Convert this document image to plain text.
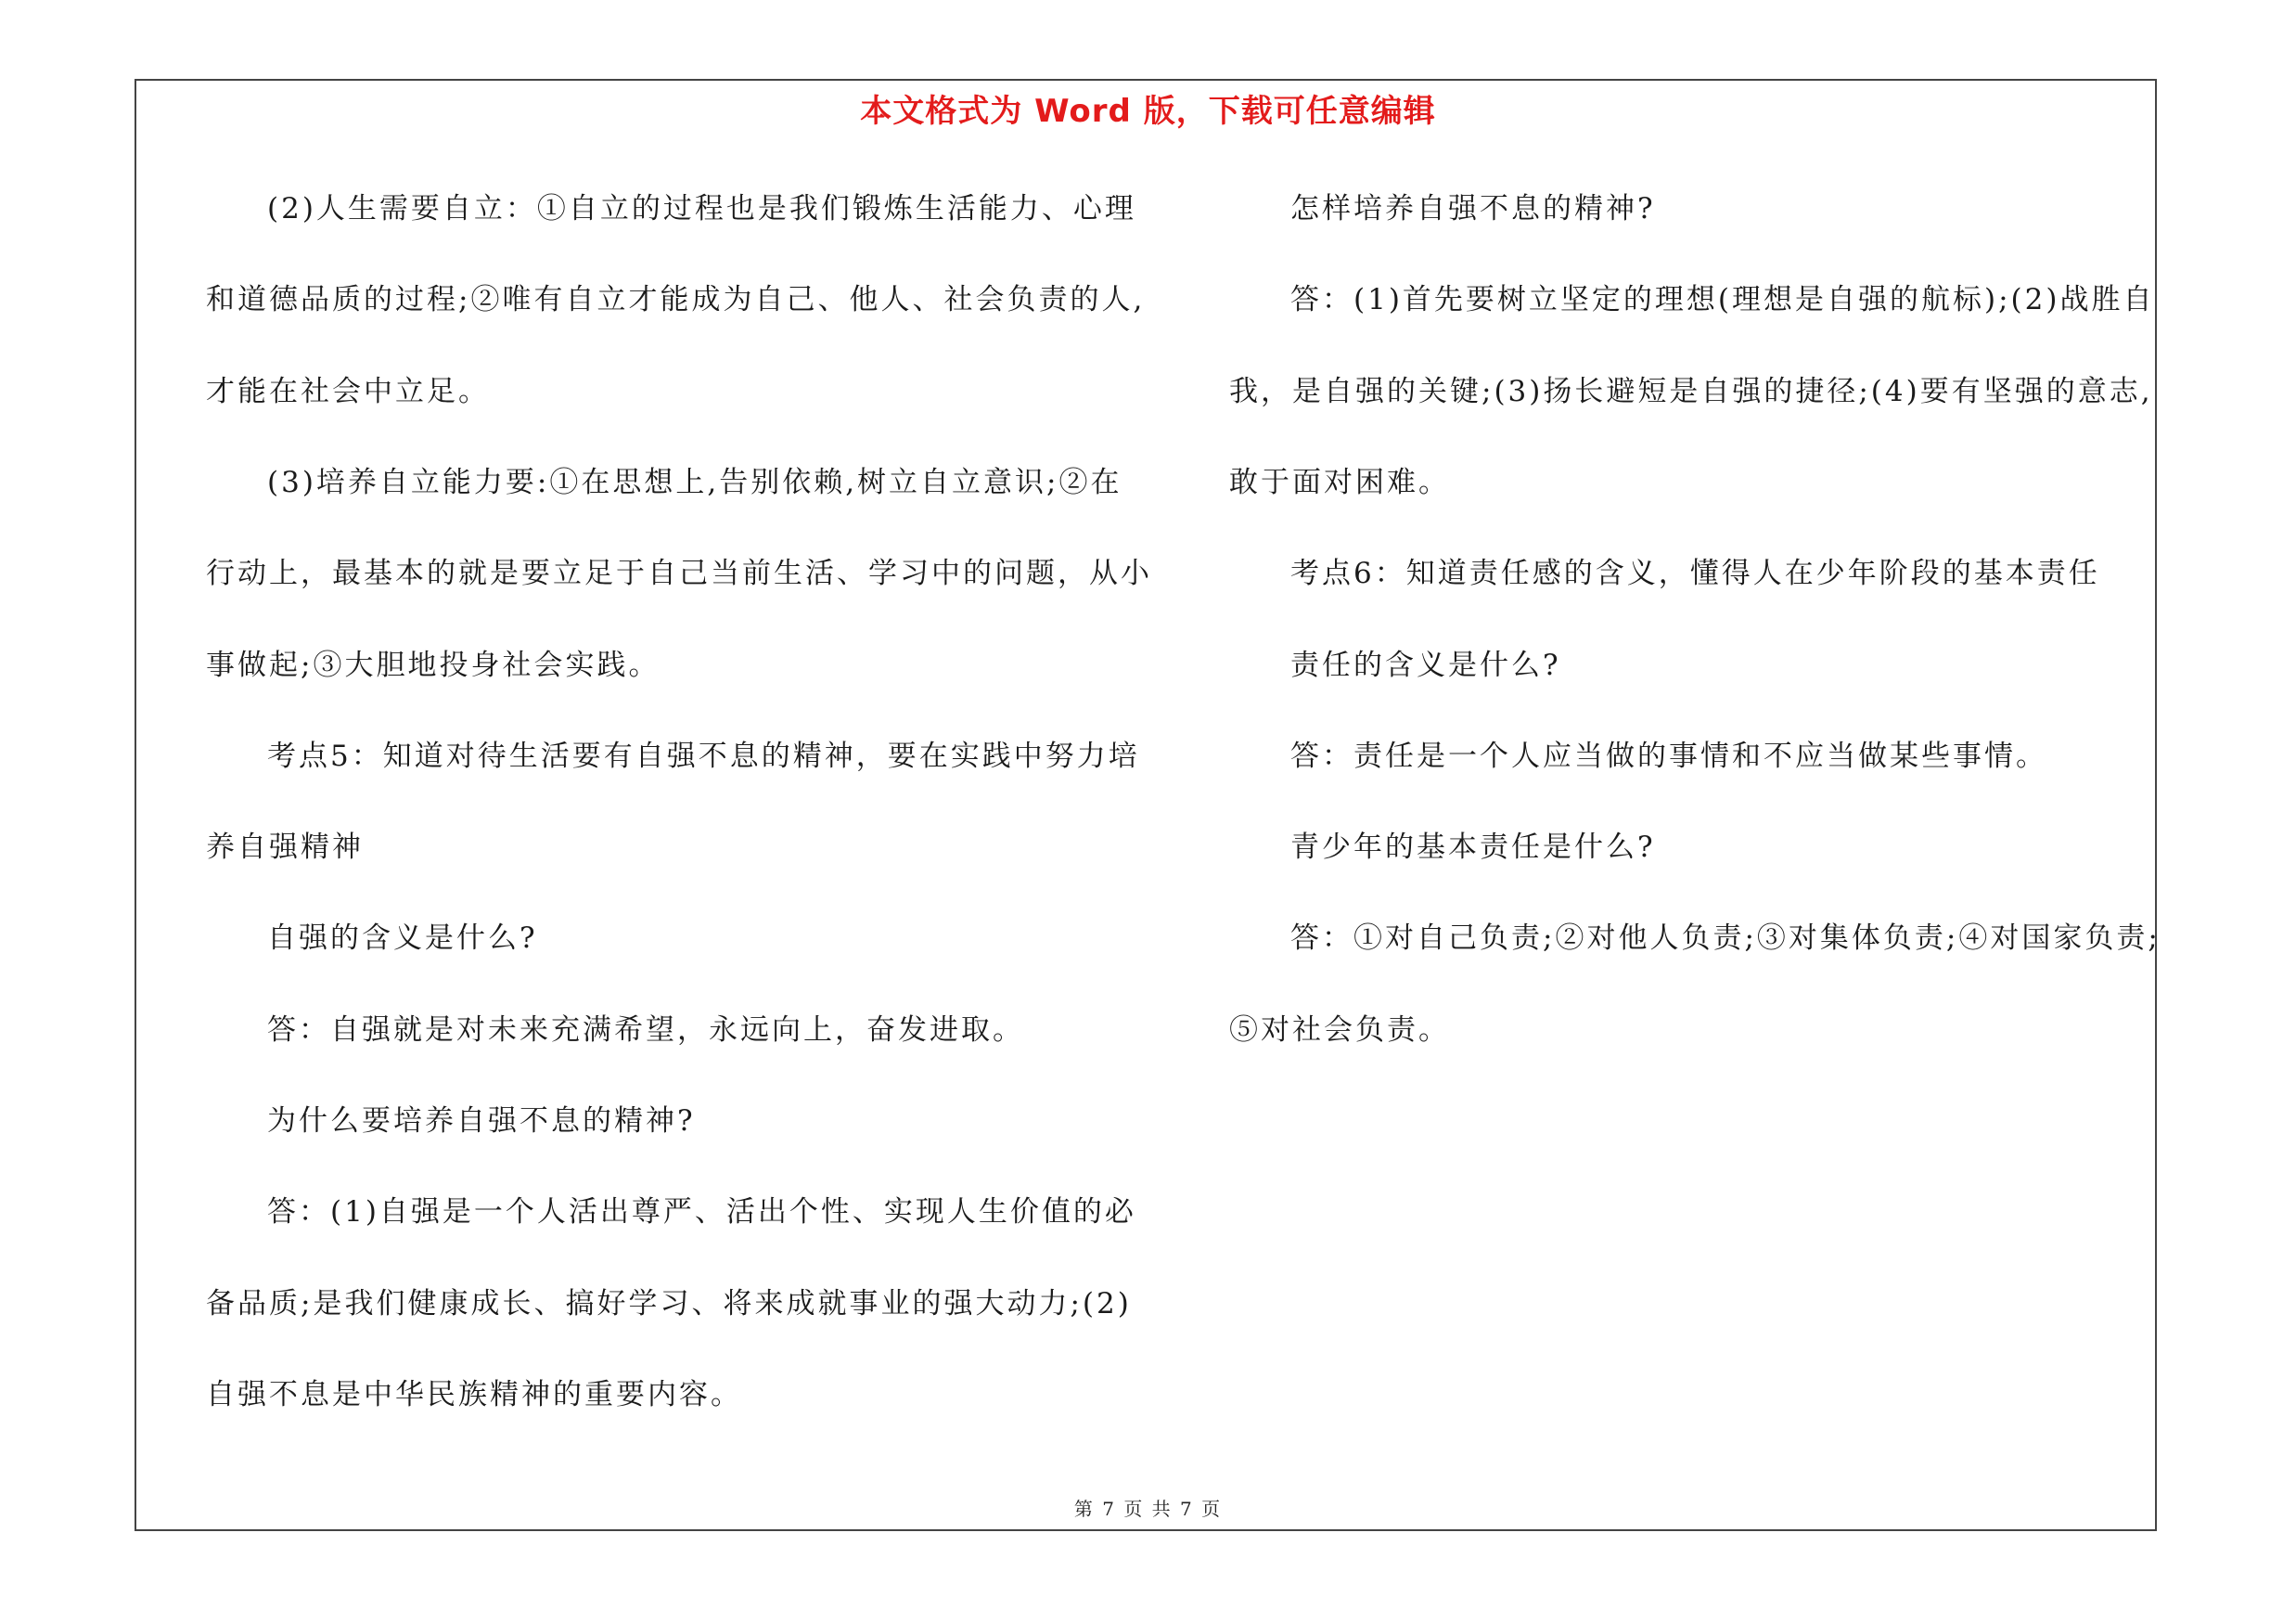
本文格式为 Word 版，下载可任意编辑
(2)人生需要自立：①自立的过程也是我们锻炼生活能力、心理
和道德品质的过程;②唯有自立才能成为自己、他人、社会负责的人,
才能在社会中立足。
(3)培养自立能力要:①在思想上,告别依赖,树立自立意识;②在
行动上，最基本的就是要立足于自己当前生活、学习中的问题，从小
事做起;③大胆地投身社会实践。
考点5：知道对待生活要有自强不息的精神，要在实践中努力培
养自强精神
自强的含义是什么?
答：自强就是对未来充满希望，永远向上，奋发进取。
为什么要培养自强不息的精神?
答：(1)自强是一个人活出尊严、活出个性、实现人生价值的必
备品质;是我们健康成长、搞好学习、将来成就事业的强大动力;(2)
自强不息是中华民族精神的重要内容。
怎样培养自强不息的精神?
答：(1)首先要树立坚定的理想(理想是自强的航标);(2)战胜自
我，是自强的关键;(3)扬长避短是自强的捷径;(4)要有坚强的意志,
敢于面对困难。
考点6：知道责任感的含义，懂得人在少年阶段的基本责任
责任的含义是什么?
答：责任是一个人应当做的事情和不应当做某些事情。
青少年的基本责任是什么?
答：①对自己负责;②对他人负责;③对集体负责;④对国家负责;
⑤对社会负责。
第 7 页 共 7 页
